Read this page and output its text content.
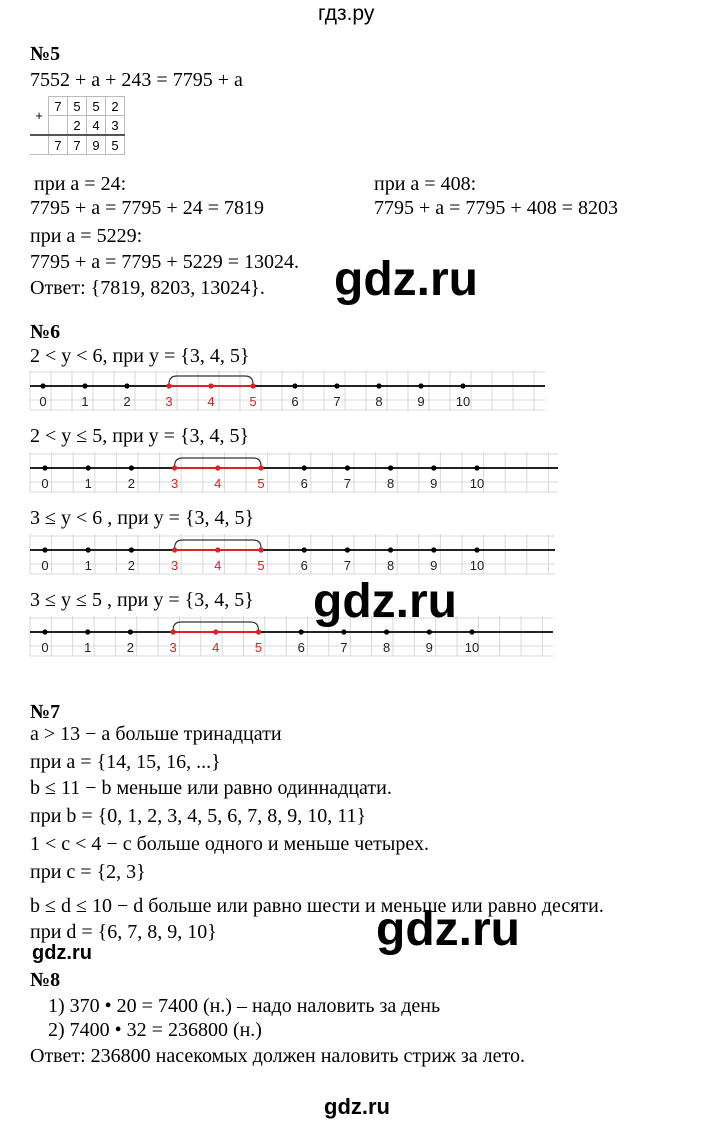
гдз.ру
№5
7552 + a + 243 = 7795 + a
+	7	5	5	2
		2	4	3
	7	7	9	5
при a = 24:
7795 + a = 7795 + 24 = 7819
при a = 408:
7795 + a = 7795 + 408 = 8203
при a = 5229:
7795 + a = 7795 + 5229 = 13024.
Ответ: {7819, 8203, 13024}. gdz.ru
№6
2 < y < 6, при y = {3, 4, 5}
0	1	2	3	4	5	6	7	8	9 10
2 < y ≤ 5, при y = {3, 4, 5}
0	1	2	3	4	5	6	7	8	9 10
3 ≤ y < 6 , при y = {3, 4, 5}
0	1	2	3	4	5	6	7	8	9 10
3 ≤ y ≤ 5 , при y = {3, 4, 5}
0	1	2	3	4	5	6	7	8	9 10
gdz.ru
№7
a > 13 − a больше тринадцати
при a = {14, 15, 16, ...}
b ≤ 11 − b меньше или равно одиннадцати.
при b = {0, 1, 2, 3, 4, 5, 6, 7, 8, 9, 10, 11}
1 < c < 4 − c больше одного и меньше четырех.
при c = {2, 3}
b ≤ d ≤ 10 − d больше или равно шести и меньше или равно десяти.
при d = {6, 7, 8, 9, 10}	gdz.ru
gdz.ru
№8
1) 370 • 20 = 7400 (н.) – надо наловить за день
2) 7400 • 32 = 236800 (н.)
Ответ: 236800 насекомых должен наловить стриж за лето.
gdz.ru
